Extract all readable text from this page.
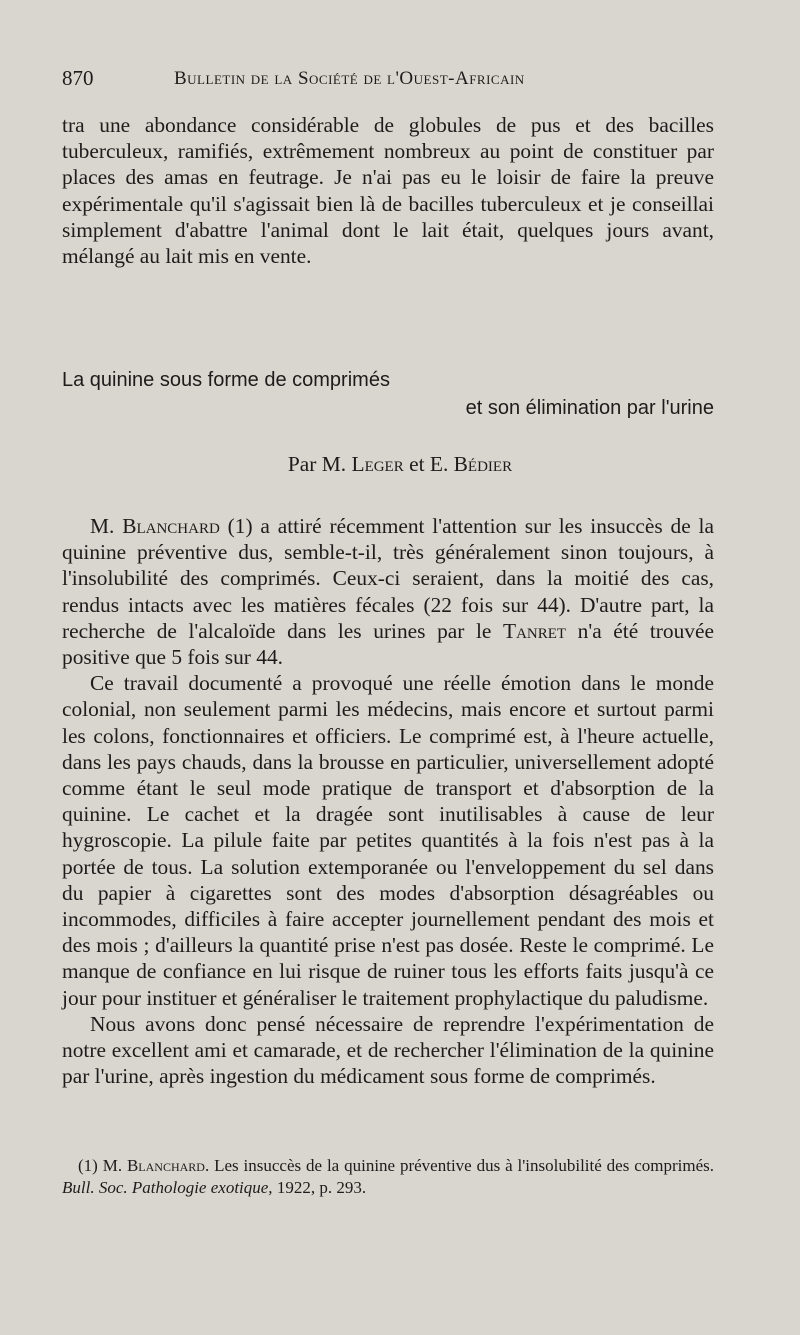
870	Bulletin de la Société de l'Ouest-Africain
tra une abondance considérable de globules de pus et des bacilles tuberculeux, ramifiés, extrêmement nombreux au point de constituer par places des amas en feutrage. Je n'ai pas eu le loisir de faire la preuve expérimentale qu'il s'agissait bien là de bacilles tuberculeux et je conseillai simplement d'abattre l'animal dont le lait était, quelques jours avant, mélangé au lait mis en vente.
La quinine sous forme de comprimés
et son élimination par l'urine
Par M. Leger et E. Bédier

M. Blanchard (1) a attiré récemment l'attention sur les insuccès de la quinine préventive dus, semble-t-il, très généralement sinon toujours, à l'insolubilité des comprimés. Ceux-ci seraient, dans la moitié des cas, rendus intacts avec les matières fécales (22 fois sur 44). D'autre part, la recherche de l'alcaloïde dans les urines par le Tanret n'a été trouvée positive que 5 fois sur 44.

Ce travail documenté a provoqué une réelle émotion dans le monde colonial, non seulement parmi les médecins, mais encore et surtout parmi les colons, fonctionnaires et officiers. Le comprimé est, à l'heure actuelle, dans les pays chauds, dans la brousse en particulier, universellement adopté comme étant le seul mode pratique de transport et d'absorption de la quinine. Le cachet et la dragée sont inutilisables à cause de leur hygroscopie. La pilule faite par petites quantités à la fois n'est pas à la portée de tous. La solution extemporanée ou l'enveloppement du sel dans du papier à cigarettes sont des modes d'absorption désagréables ou incommodes, difficiles à faire accepter journellement pendant des mois et des mois ; d'ailleurs la quantité prise n'est pas dosée. Reste le comprimé. Le manque de confiance en lui risque de ruiner tous les efforts faits jusqu'à ce jour pour instituer et généraliser le traitement prophylactique du paludisme.

Nous avons donc pensé nécessaire de reprendre l'expérimentation de notre excellent ami et camarade, et de rechercher l'élimination de la quinine par l'urine, après ingestion du médicament sous forme de comprimés.

(1) M. Blanchard. Les insuccès de la quinine préventive dus à l'insolubilité des comprimés. Bull. Soc. Pathologie exotique, 1922, p. 293.
